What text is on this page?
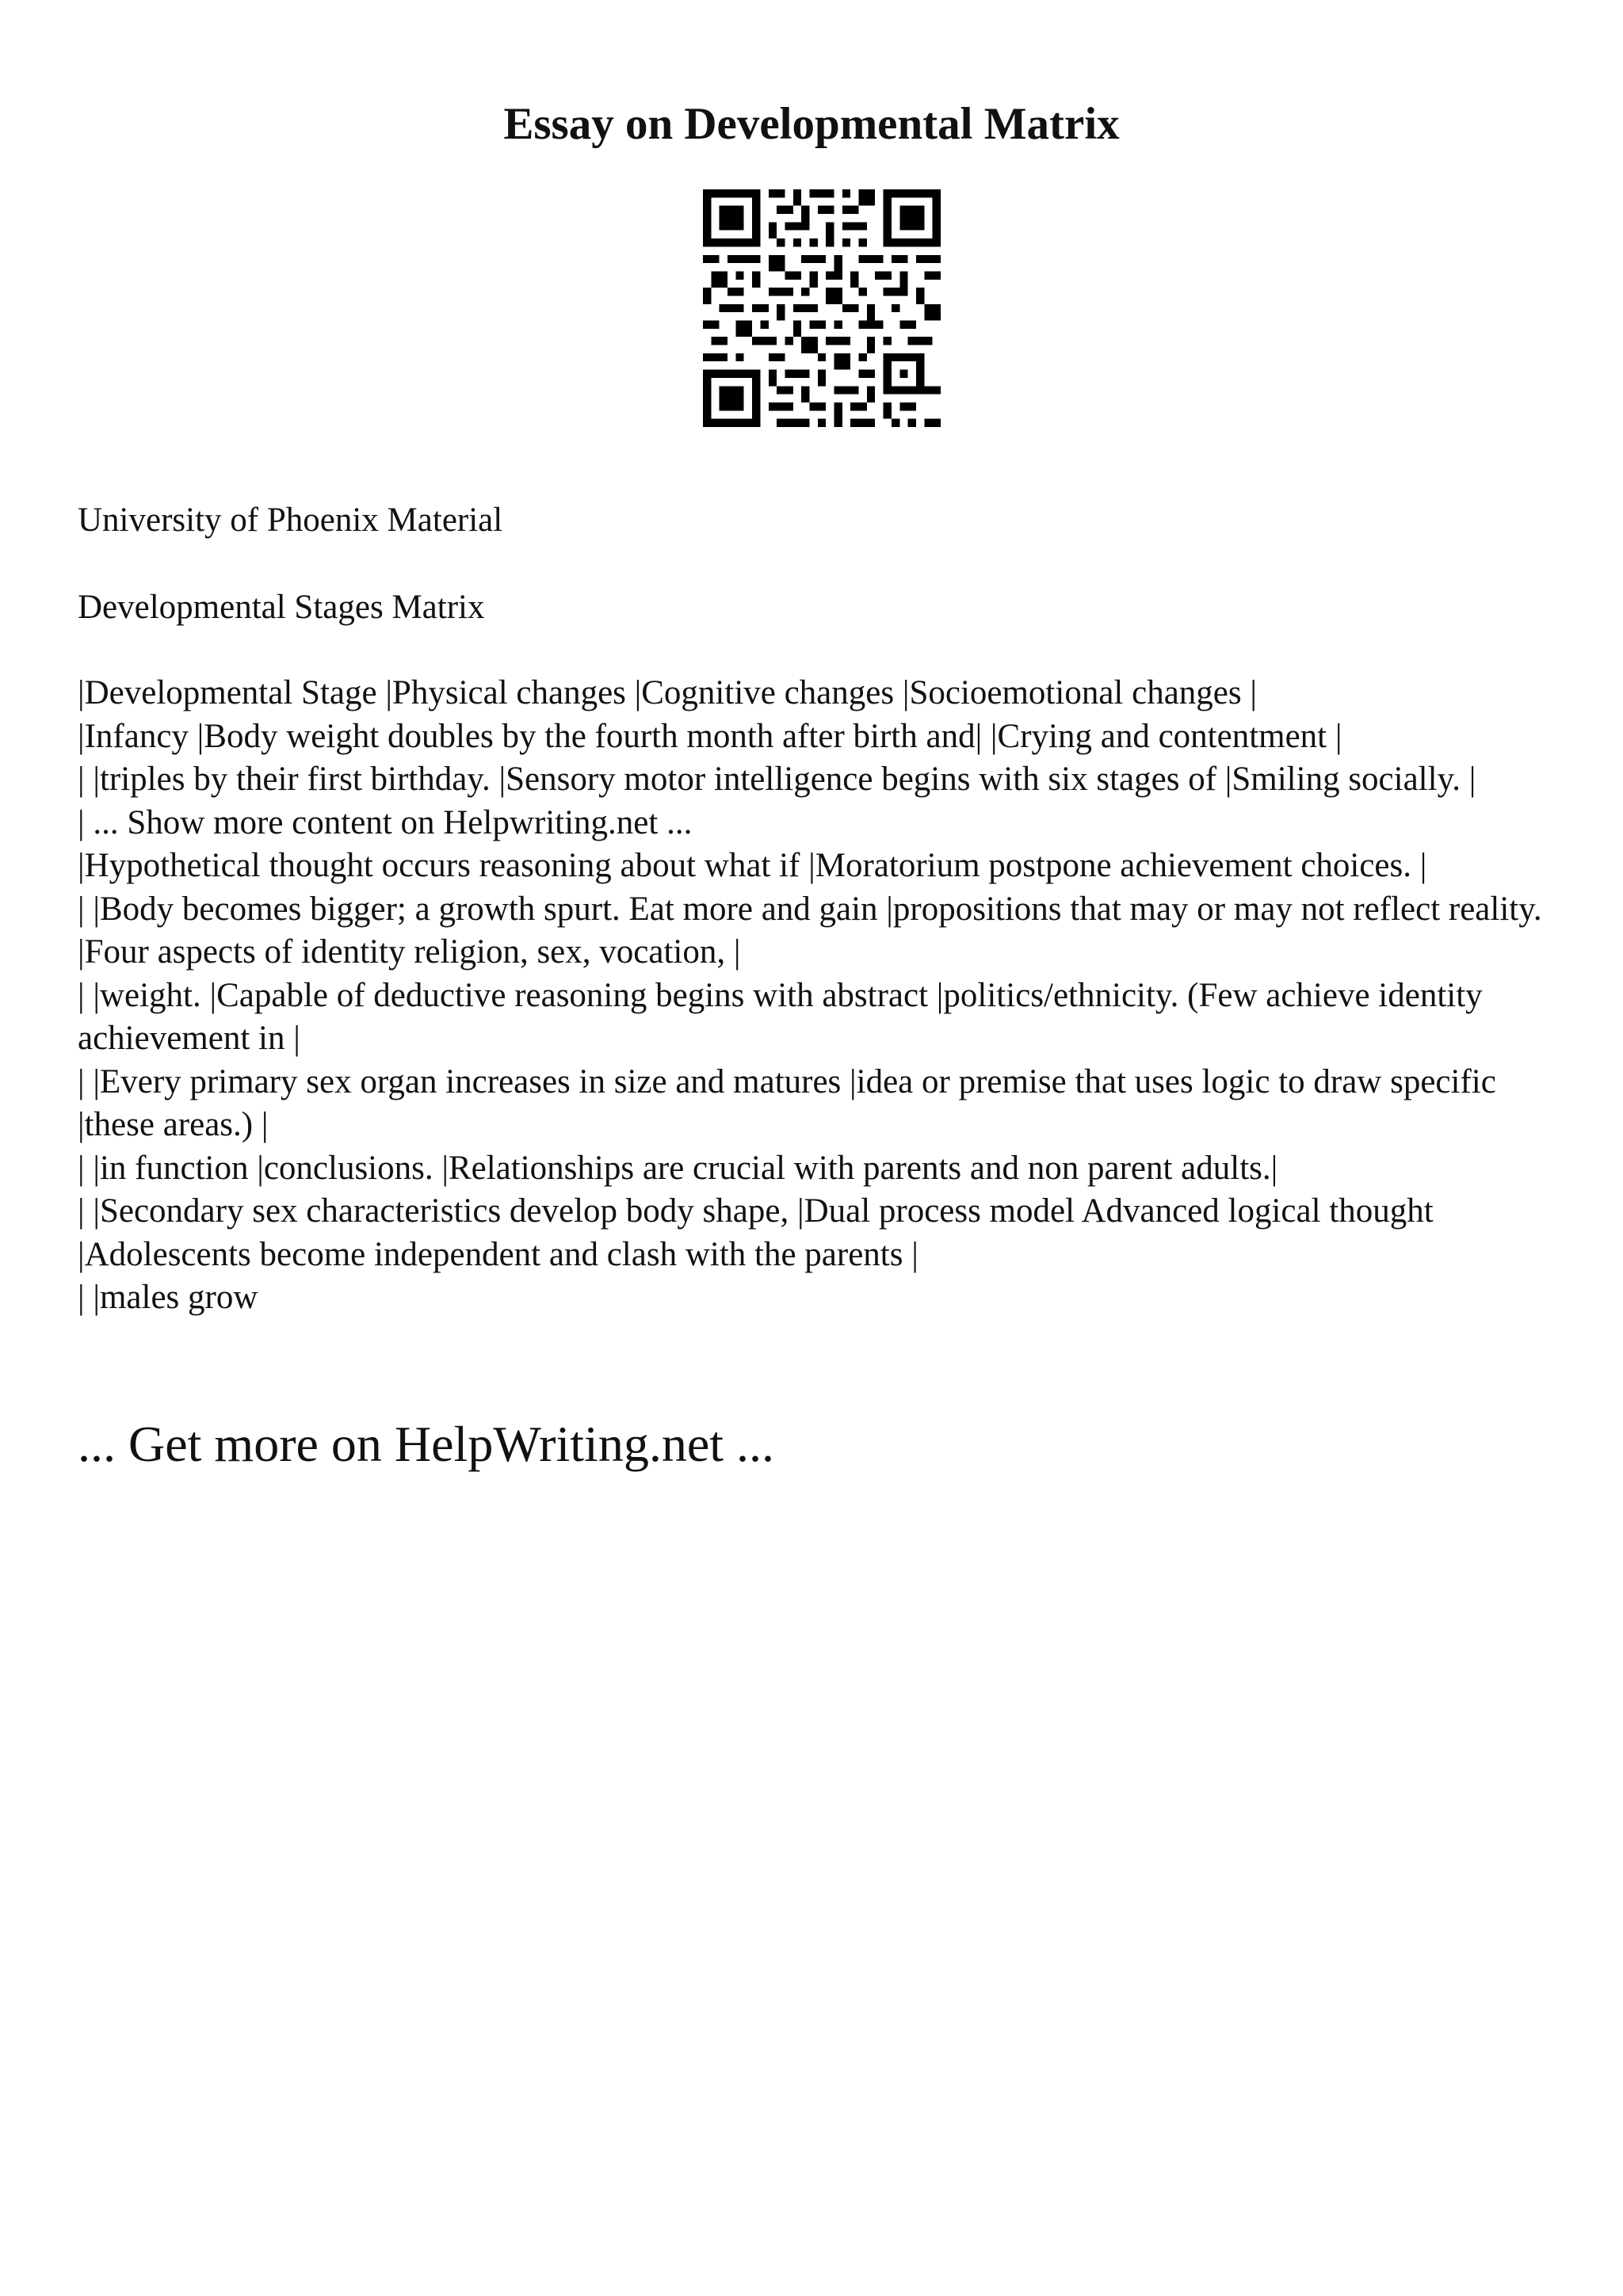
Essay on Developmental Matrix

University of Phoenix Material

Developmental Stages Matrix

|Developmental Stage |Physical changes |Cognitive changes |Socioemotional changes |
|Infancy |Body weight doubles by the fourth month after birth and| |Crying and contentment |
| |triples by their first birthday. |Sensory motor intelligence begins with six stages of |Smiling socially. |
| ... Show more content on Helpwriting.net ...
|Hypothetical thought occurs reasoning about what if |Moratorium postpone achievement choices. |
| |Body becomes bigger; a growth spurt. Eat more and gain |propositions that may or may not reflect reality. |Four aspects of identity religion, sex, vocation, |
| |weight. |Capable of deductive reasoning begins with abstract |politics/ethnicity. (Few achieve identity achievement in |
| |Every primary sex organ increases in size and matures |idea or premise that uses logic to draw specific |these areas.) |
| |in function |conclusions. |Relationships are crucial with parents and non parent adults.|
| |Secondary sex characteristics develop body shape, |Dual process model Advanced logical thought |Adolescents become independent and clash with the parents |
| |males grow
... Get more on HelpWriting.net ...
